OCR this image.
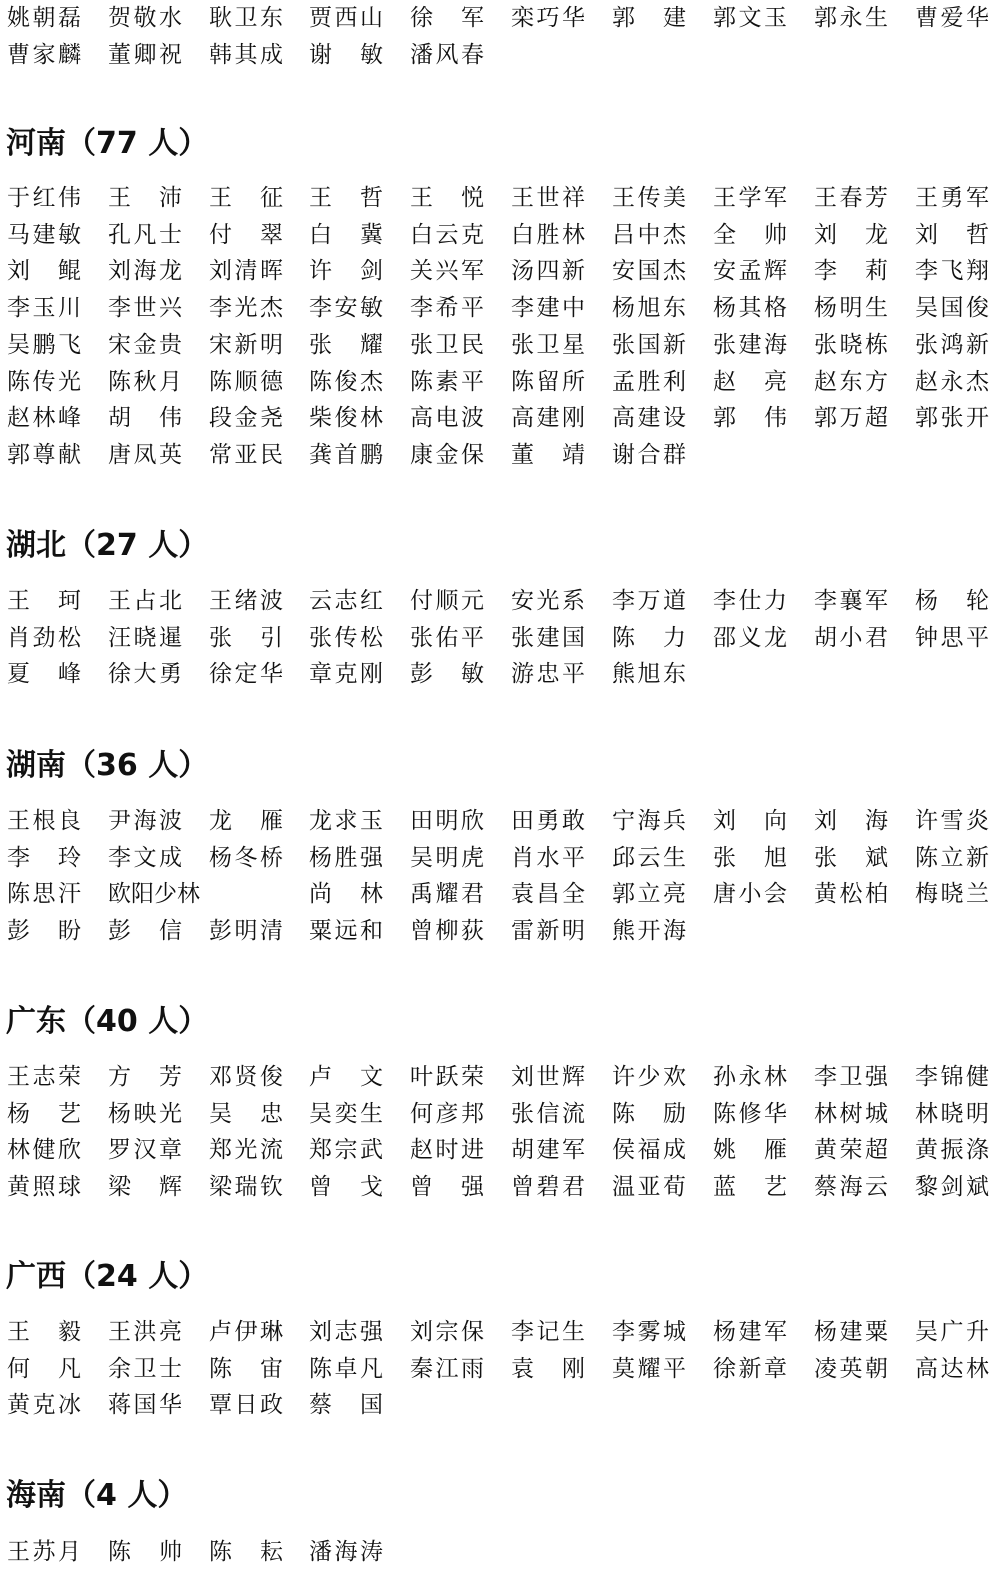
姚朝磊 贺敬水 耿卫东 贾西山 徐　军 栾巧华 郭　建 郭文玉 郭永生 曹爱华
曹家麟 董卿祝 韩其成 谢　敏 潘风春
河南（77 人）
于红伟 王　沛 王　征 王　哲 王　悦 王世祥 王传美 王学军 王春芳 王勇军
马建敏 孔凡士 付　翠 白　冀 白云克 白胜林 吕中杰 全　帅 刘　龙 刘　哲
刘　鲲 刘海龙 刘清晖 许　剑 关兴军 汤四新 安国杰 安孟辉 李　莉 李飞翔
李玉川 李世兴 李光杰 李安敏 李希平 李建中 杨旭东 杨其格 杨明生 吴国俊
吴鹏飞 宋金贵 宋新明 张　耀 张卫民 张卫星 张国新 张建海 张晓栋 张鸿新
陈传光 陈秋月 陈顺德 陈俊杰 陈素平 陈留所 孟胜利 赵　亮 赵东方 赵永杰
赵林峰 胡　伟 段金尧 柴俊林 高电波 高建刚 高建设 郭　伟 郭万超 郭张开
郭尊献 唐凤英 常亚民 龚首鹏 康金保 董　靖 谢合群
湖北（27 人）
王　珂 王占北 王绪波 云志红 付顺元 安光系 李万道 李仕力 李襄军 杨　轮
肖劲松 汪晓暹 张　引 张传松 张佑平 张建国 陈　力 邵义龙 胡小君 钟思平
夏　峰 徐大勇 徐定华 章克刚 彭　敏 游忠平 熊旭东
湖南（36 人）
王根良 尹海波 龙　雁 龙求玉 田明欣 田勇敢 宁海兵 刘　向 刘　海 许雪炎
李　玲 李文成 杨冬桥 杨胜强 吴明虎 肖水平 邱云生 张　旭 张　斌 陈立新
陈思汗 欧阳少林	尚　林 禹耀君 袁昌全 郭立亮 唐小会 黄松柏 梅晓兰
彭　盼 彭　信 彭明清 粟远和 曾柳荻 雷新明 熊开海
广东（40 人）
王志荣 方　芳 邓贤俊 卢　文 叶跃荣 刘世辉 许少欢 孙永林 李卫强 李锦健
杨　艺 杨映光 吴　忠 吴奕生 何彦邦 张信流 陈　励 陈修华 林树城 林晓明
林健欣 罗汉章 郑光流 郑宗武 赵时进 胡建军 侯福成 姚　雁 黄荣超 黄振涤
黄照球 梁　辉 梁瑞钦 曾　戈 曾　强 曾碧君 温亚荀 蓝　艺 蔡海云 黎剑斌
广西（24 人）
王　毅 王洪亮 卢伊琳 刘志强 刘宗保 李记生 李雾城 杨建军 杨建粟 吴广升
何　凡 余卫士 陈　宙 陈卓凡 秦江雨 袁　刚 莫耀平 徐新章 凌英朝 高达林
黄克冰 蒋国华 覃日政 蔡　国
海南（4 人）
王苏月 陈　帅 陈　耘 潘海涛
